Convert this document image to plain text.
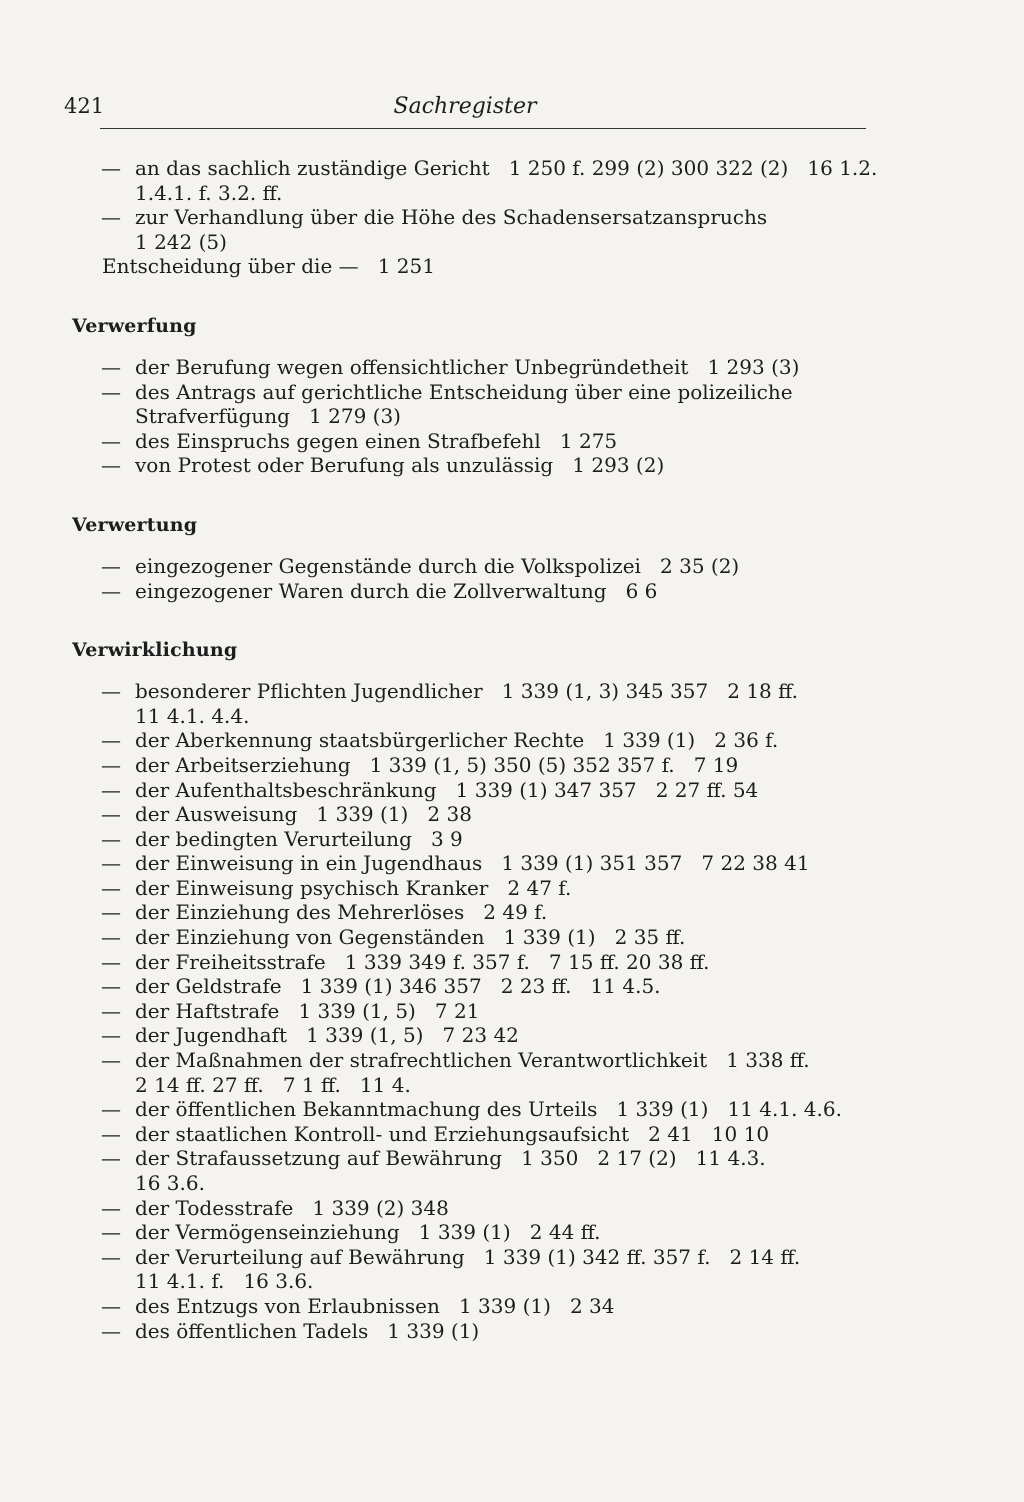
421	Sachregister
— an das sachlich zuständige Gericht   1 250 f. 299 (2) 300 322 (2)   16 1.2.
1.4.1. f. 3.2. ff.
— zur Verhandlung über die Höhe des Schadensersatzanspruchs
1 242 (5)
Entscheidung über die —   1 251
Verwerfung
— der Berufung wegen offensichtlicher Unbegründetheit   1 293 (3)
— des Antrags auf gerichtliche Entscheidung über eine polizeiliche
Strafverfügung   1 279 (3)
— des Einspruchs gegen einen Strafbefehl   1 275
— von Protest oder Berufung als unzulässig   1 293 (2)
Verwertung
— eingezogener Gegenstände durch die Volkspolizei   2 35 (2)
— eingezogener Waren durch die Zollverwaltung   6 6
Verwirklichung
— besonderer Pflichten Jugendlicher   1 339 (1, 3) 345 357   2 18 ff.
11 4.1. 4.4.
— der Aberkennung staatsbürgerlicher Rechte   1 339 (1)   2 36 f.
— der Arbeitserziehung   1 339 (1, 5) 350 (5) 352 357 f.   7 19
— der Aufenthaltsbeschränkung   1 339 (1) 347 357   2 27 ff. 54
— der Ausweisung   1 339 (1)   2 38
— der bedingten Verurteilung   3 9
— der Einweisung in ein Jugendhaus   1 339 (1) 351 357   7 22 38 41
— der Einweisung psychisch Kranker   2 47 f.
— der Einziehung des Mehrerlöses   2 49 f.
— der Einziehung von Gegenständen   1 339 (1)   2 35 ff.
— der Freiheitsstrafe   1 339 349 f. 357 f.   7 15 ff. 20 38 ff.
— der Geldstrafe   1 339 (1) 346 357   2 23 ff.   11 4.5.
— der Haftstrafe   1 339 (1, 5)   7 21
— der Jugendhaft   1 339 (1, 5)   7 23 42
— der Maßnahmen der strafrechtlichen Verantwortlichkeit   1 338 ff.
2 14 ff. 27 ff.   7 1 ff.   11 4.
— der öffentlichen Bekanntmachung des Urteils   1 339 (1)   11 4.1. 4.6.
— der staatlichen Kontroll- und Erziehungsaufsicht   2 41   10 10
— der Strafaussetzung auf Bewährung   1 350   2 17 (2)   11 4.3.
16 3.6.
— der Todesstrafe   1 339 (2) 348
— der Vermögenseinziehung   1 339 (1)   2 44 ff.
— der Verurteilung auf Bewährung   1 339 (1) 342 ff. 357 f.   2 14 ff.
11 4.1. f.   16 3.6.
— des Entzugs von Erlaubnissen   1 339 (1)   2 34
— des öffentlichen Tadels   1 339 (1)
